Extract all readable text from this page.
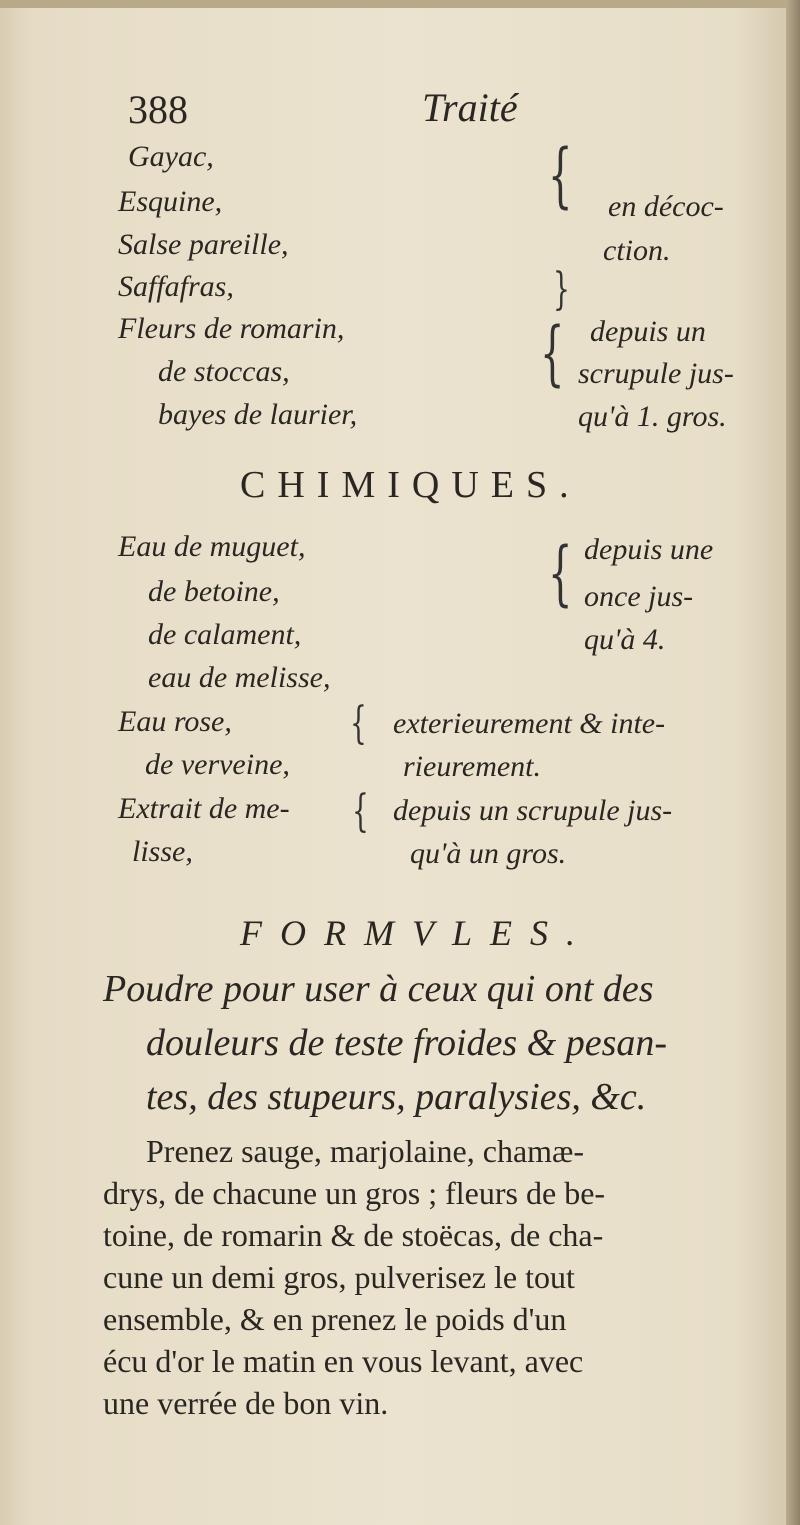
388	Traité
Gayac,
Esquine,
Salse pareille,
Saffafras,
Fleurs de romarin,
de stoccas,
bayes de laurier,
{ en décoc-
ction.
}
{ depuis un
scrupule jus-
qu'à 1. gros.
CHIMIQUES.
Eau de muguet,
de betoine,
de calament,
eau de melisse,
{ depuis une
once jus-
qu'à 4.
Eau rose,
de verveine,
{ exterieurement & inte-
rieurement.
Extrait de me-
lisse,
{ depuis un scrupule jus-
qu'à un gros.
FORMVLES.
Poudre pour user à ceux qui ont des
douleurs de teste froides & pesan-
tes, des stupeurs, paralysies, &c.
Prenez sauge, marjolaine, chamæ-
drys, de chacune un gros ; fleurs de be-
toine, de romarin & de stoëcas, de cha-
cune un demi gros, pulverisez le tout
ensemble, & en prenez le poids d'un
écu d'or le matin en vous levant, avec
une verrée de bon vin.
